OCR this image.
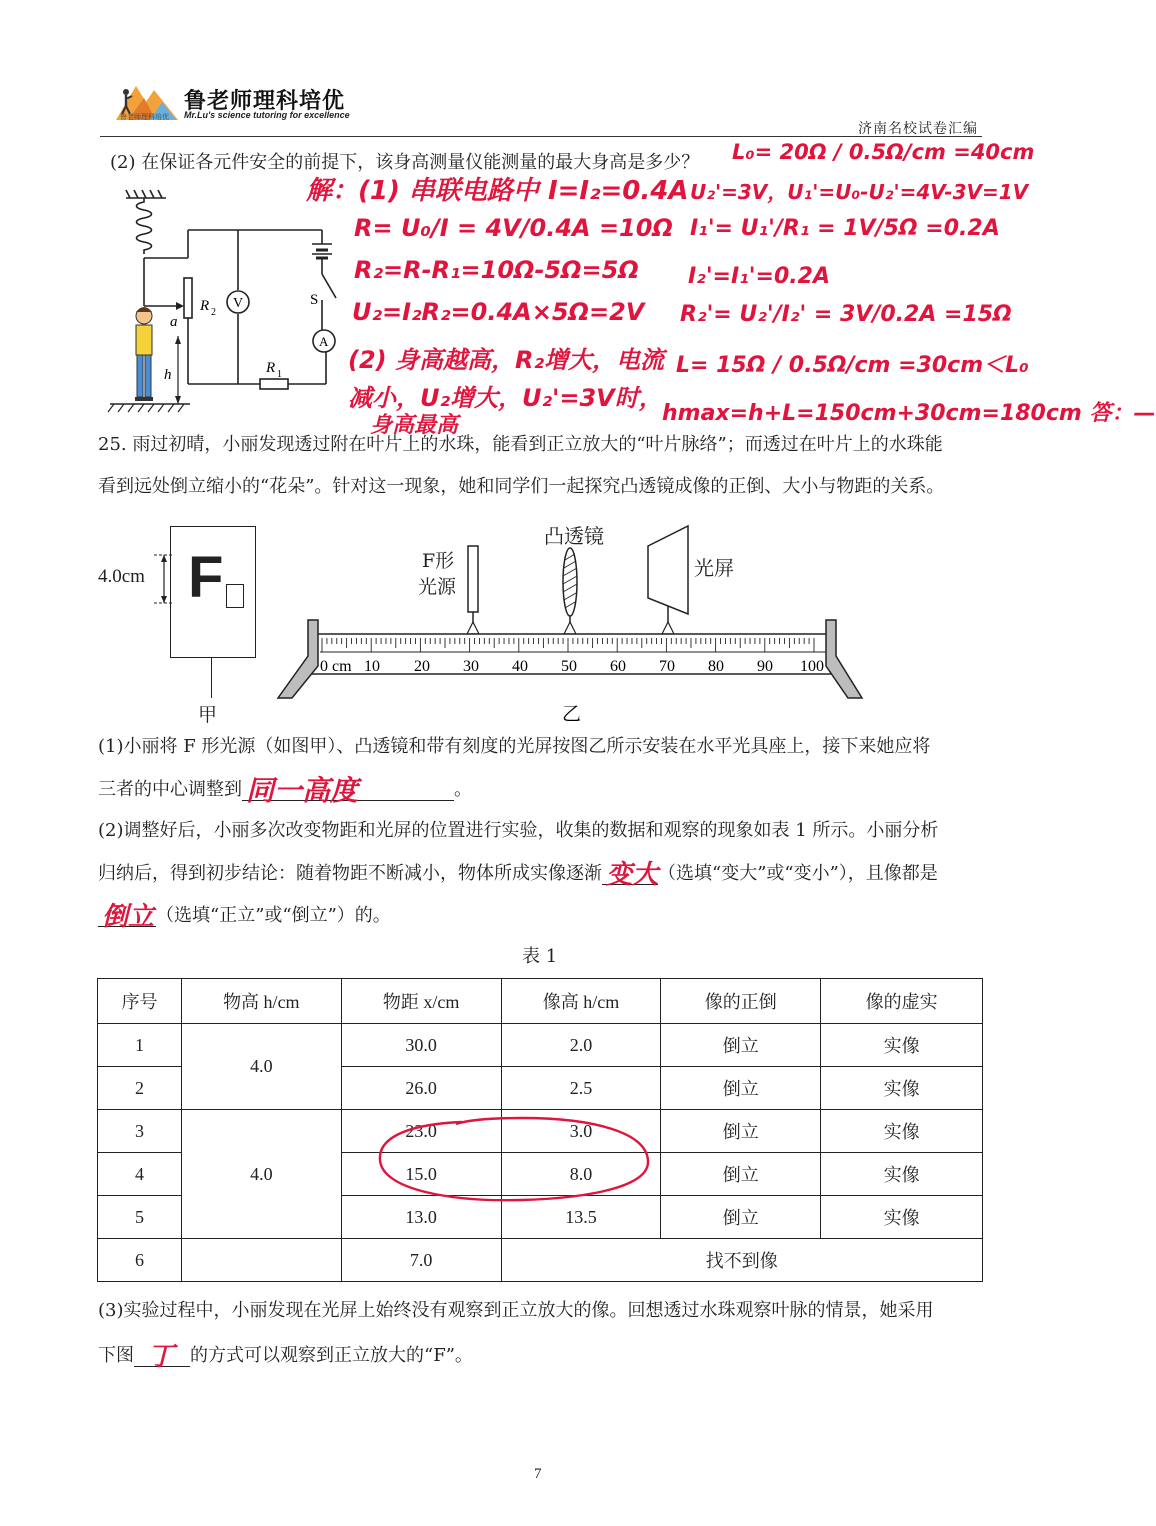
鲁老师理科培优
鲁老师理科培优 Mr.Lu's science tutoring for excellence
济南名校试卷汇编
(2) 在保证各元件安全的前提下，该身高测量仪能测量的最大身高是多少？
V
A
R 2
S
R 1
a
h
解：(1) 串联电路中 I=I₂=0.4A
R= U₀/I = 4V/0.4A =10Ω
R₂=R-R₁=10Ω-5Ω=5Ω
U₂=I₂R₂=0.4A×5Ω=2V
(2) 身高越高，R₂增大，电流
减小，U₂增大，U₂'=3V时，
身高最高
L₀= 20Ω / 0.5Ω/cm =40cm
U₂'=3V，U₁'=U₀-U₂'=4V-3V=1V
I₁'= U₁'/R₁ = 1V/5Ω =0.2A
I₂'=I₁'=0.2A
R₂'= U₂'/I₂' = 3V/0.2A =15Ω
L= 15Ω / 0.5Ω/cm =30cm＜L₀
hmax=h+L=150cm+30cm=180cm 答：—
25. 雨过初晴，小丽发现透过附在叶片上的水珠，能看到正立放大的“叶片脉络”；而透过在叶片上的水珠能
看到远处倒立缩小的“花朵”。针对这一现象，她和同学们一起探究凸透镜成像的正倒、大小与物距的关系。
4.0cm F
甲
F形
光源
凸透镜
光屏
0 cm 10 20 30 40 50 60 70 80 90 100
乙
(1)小丽将 F 形光源（如图甲）、凸透镜和带有刻度的光屏按图乙所示安装在水平光具座上，接下来她应将
三者的中心调整到 同一高度	。
(2)调整好后，小丽多次改变物距和光屏的位置进行实验，收集的数据和观察的现象如表 1 所示。小丽分析
归纳后，得到初步结论：随着物距不断减小，物体所成实像逐渐 变大 （选填“变大”或“变小”），且像都是
倒立 （选填“正立”或“倒立”）的。
表 1
序号	物高 h/cm	物距 x/cm	像高 h/cm	像的正倒	像的虚实
1	4.0	30.0	2.0	倒立	实像
2		26.0	2.5	倒立	实像
3	4.0	23.0	3.0	倒立	实像
4		15.0	8.0	倒立	实像
5		13.0	13.5	倒立	实像
6		7.0	找不到像		
(3)实验过程中，小丽发现在光屏上始终没有观察到正立放大的像。回想透过水珠观察叶脉的情景，她采用
下图 丁 的方式可以观察到正立放大的“F”。
7
